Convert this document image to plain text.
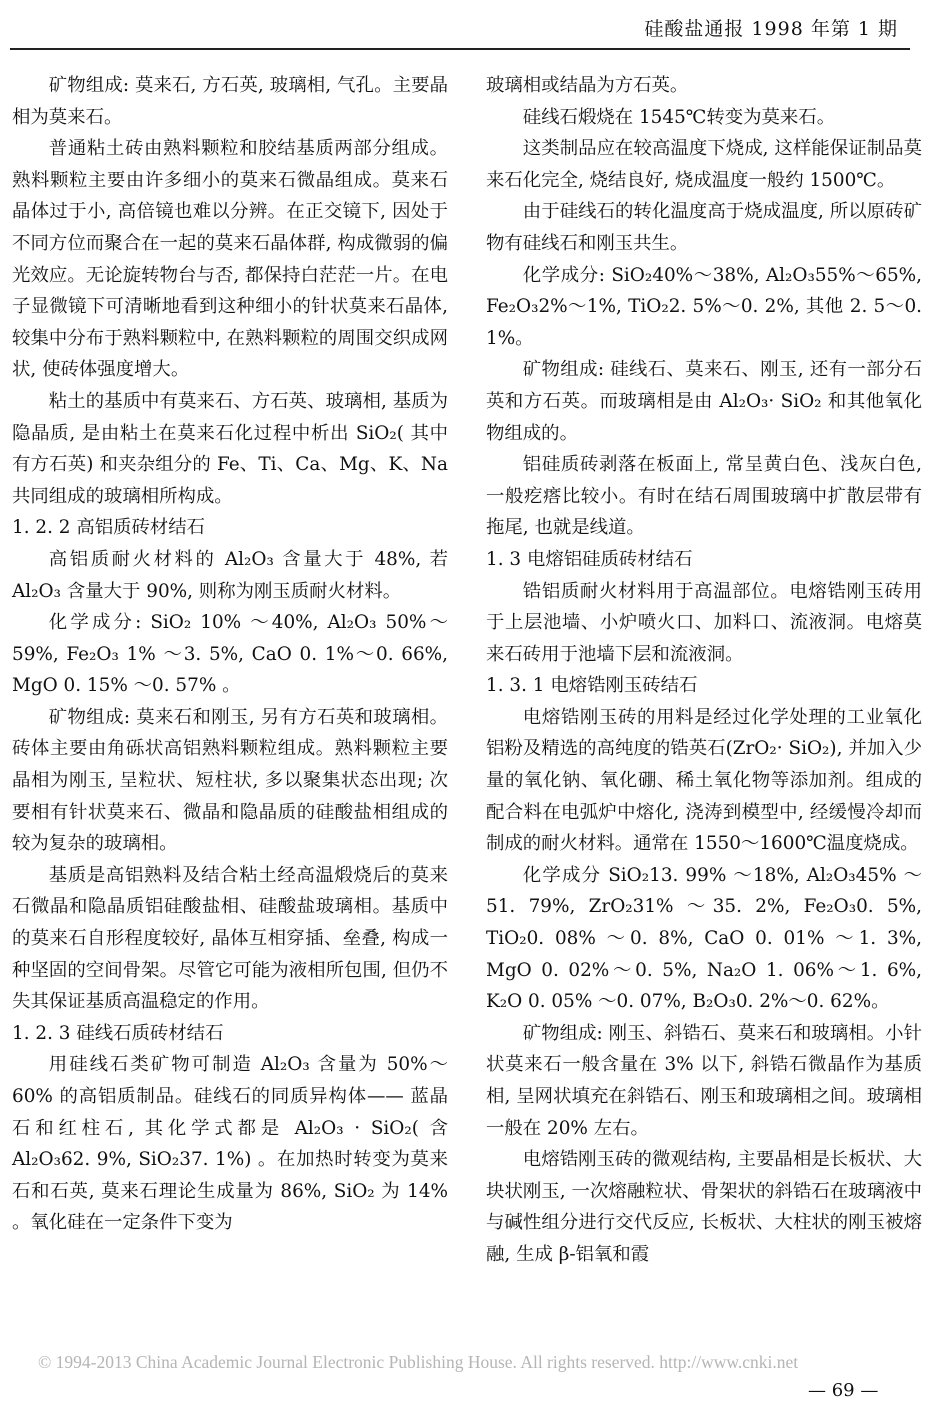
硅酸盐通报 1998 年第 1 期

矿物组成: 莫来石, 方石英, 玻璃相, 气孔。主要晶相为莫来石。

普通粘土砖由熟料颗粒和胶结基质两部分组成。熟料颗粒主要由许多细小的莫来石微晶组成。莫来石晶体过于小, 高倍镜也难以分辨。在正交镜下, 因处于不同方位而聚合在一起的莫来石晶体群, 构成微弱的偏光效应。无论旋转物台与否, 都保持白茫茫一片。在电子显微镜下可清晰地看到这种细小的针状莫来石晶体, 较集中分布于熟料颗粒中, 在熟料颗粒的周围交织成网状, 使砖体强度增大。

粘土的基质中有莫来石、方石英、玻璃相, 基质为隐晶质, 是由粘土在莫来石化过程中析出 SiO₂( 其中有方石英) 和夹杂组分的 Fe、Ti、Ca、Mg、K、Na 共同组成的玻璃相所构成。

1. 2. 2 高铝质砖材结石

高铝质耐火材料的 Al₂O₃ 含量大于 48%, 若 Al₂O₃ 含量大于 90%, 则称为刚玉质耐火材料。

化学成分: SiO₂ 10% ～40%, Al₂O₃ 50%～59%, Fe₂O₃ 1% ～3. 5%, CaO 0. 1%～0. 66%, MgO 0. 15% ～0. 57% 。

矿物组成: 莫来石和刚玉, 另有方石英和玻璃相。砖体主要由角砾状高铝熟料颗粒组成。熟料颗粒主要晶相为刚玉, 呈粒状、短柱状, 多以聚集状态出现; 次要相有针状莫来石、微晶和隐晶质的硅酸盐相组成的较为复杂的玻璃相。

基质是高铝熟料及结合粘土经高温煅烧后的莫来石微晶和隐晶质铝硅酸盐相、硅酸盐玻璃相。基质中的莫来石自形程度较好, 晶体互相穿插、垒叠, 构成一种坚固的空间骨架。尽管它可能为液相所包围, 但仍不失其保证基质高温稳定的作用。

1. 2. 3 硅线石质砖材结石

用硅线石类矿物可制造 Al₂O₃ 含量为 50%～60% 的高铝质制品。硅线石的同质异构体—— 蓝晶石和红柱石, 其化学式都是 Al₂O₃ · SiO₂( 含 Al₂O₃62. 9%, SiO₂37. 1%) 。在加热时转变为莫来石和石英, 莫来石理论生成量为 86%, SiO₂ 为 14% 。氧化硅在一定条件下变为

玻璃相或结晶为方石英。

硅线石煅烧在 1545℃转变为莫来石。

这类制品应在较高温度下烧成, 这样能保证制品莫来石化完全, 烧结良好, 烧成温度一般约 1500℃。

由于硅线石的转化温度高于烧成温度, 所以原砖矿物有硅线石和刚玉共生。

化学成分: SiO₂40%～38%, Al₂O₃55%～65%, Fe₂O₃2%～1%, TiO₂2. 5%～0. 2%, 其他 2. 5～0. 1%。

矿物组成: 硅线石、莫来石、刚玉, 还有一部分石英和方石英。而玻璃相是由 Al₂O₃· SiO₂ 和其他氧化物组成的。

铝硅质砖剥落在板面上, 常呈黄白色、浅灰白色, 一般疙瘩比较小。有时在结石周围玻璃中扩散层带有拖尾, 也就是线道。

1. 3 电熔铝硅质砖材结石

锆铝质耐火材料用于高温部位。电熔锆刚玉砖用于上层池墙、小炉喷火口、加料口、流液洞。电熔莫来石砖用于池墙下层和流液洞。

1. 3. 1 电熔锆刚玉砖结石

电熔锆刚玉砖的用料是经过化学处理的工业氧化铝粉及精选的高纯度的锆英石(ZrO₂· SiO₂), 并加入少量的氧化钠、氧化硼、稀土氧化物等添加剂。组成的配合料在电弧炉中熔化, 浇涛到模型中, 经缓慢冷却而制成的耐火材料。通常在 1550～1600℃温度烧成。

化学成分 SiO₂13. 99% ～18%, Al₂O₃45% ～51. 79%, ZrO₂31% ～35. 2%, Fe₂O₃0. 5%, TiO₂0. 08% ～0. 8%, CaO 0. 01% ～1. 3%, MgO 0. 02%～0. 5%, Na₂O 1. 06%～1. 6%, K₂O 0. 05% ～0. 07%, B₂O₃0. 2%～0. 62%。

矿物组成: 刚玉、斜锆石、莫来石和玻璃相。小针状莫来石一般含量在 3% 以下, 斜锆石微晶作为基质相, 呈网状填充在斜锆石、刚玉和玻璃相之间。玻璃相一般在 20% 左右。

电熔锆刚玉砖的微观结构, 主要晶相是长板状、大块状刚玉, 一次熔融粒状、骨架状的斜锆石在玻璃液中与碱性组分进行交代反应, 长板状、大柱状的刚玉被熔融, 生成 β-铝氧和霞

© 1994-2013 China Academic Journal Electronic Publishing House. All rights reserved. http://www.cnki.net
— 69 —
